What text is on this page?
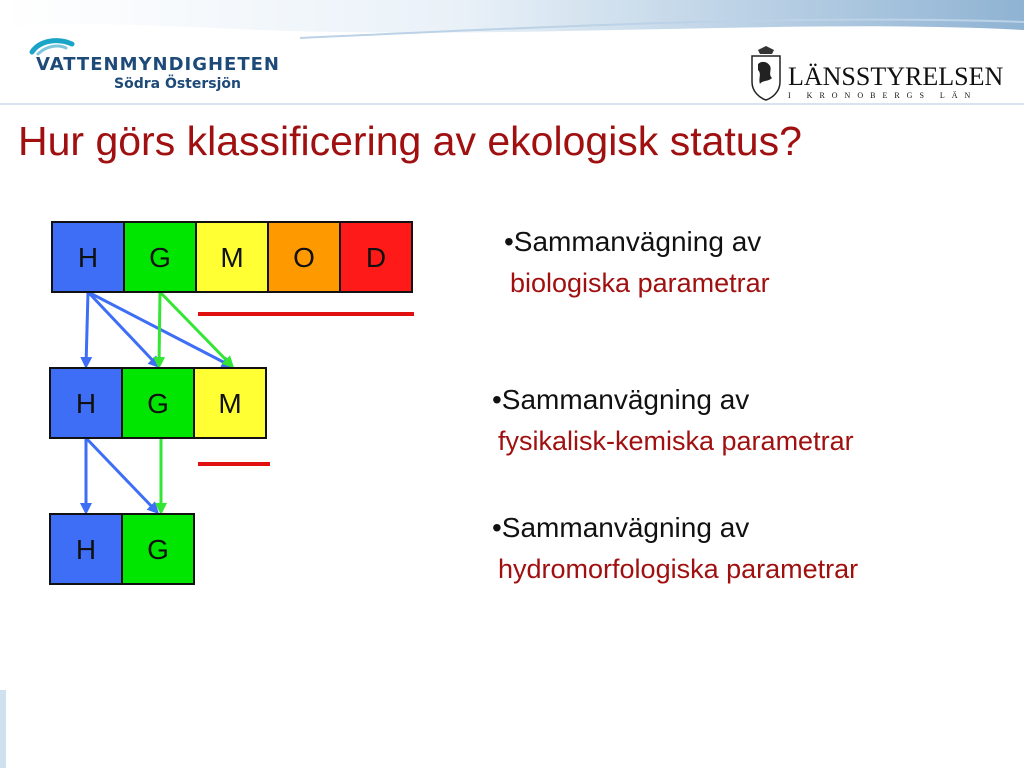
VATTENMYNDIGHETEN
Södra Östersjön	LÄNSSTYRELSEN
I KRONOBERGS LÄN
Hur görs klassificering av ekologisk status?
H G M O D
H G M
H G
•Sammanvägning av
biologiska parametrar
•Sammanvägning av
fysikalisk-kemiska parametrar
•Sammanvägning av
hydromorfologiska parametrar
